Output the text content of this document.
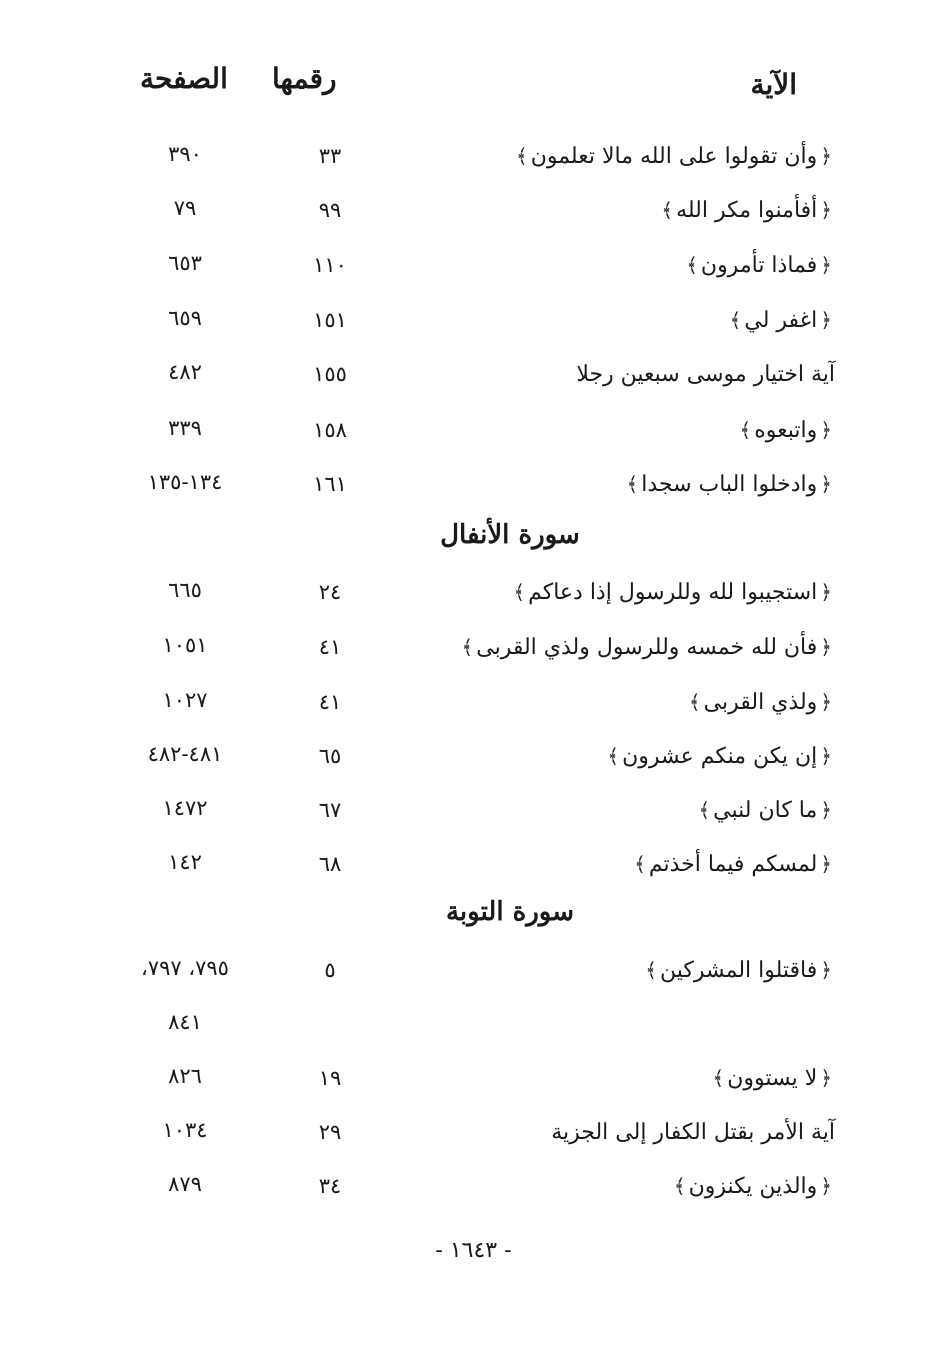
الآية
رقمها
الصفحة
﴿وأن تقولوا على الله مالا تعلمون﴾
٣٣
٣٩٠
﴿أفأمنوا مكر الله﴾
٩٩
٧٩
﴿فماذا تأمرون﴾
١١٠
٦٥٣
﴿اغفر لي﴾
١٥١
٦٥٩
آية اختيار موسى سبعين رجلا
١٥٥
٤٨٢
﴿واتبعوه﴾
١٥٨
٣٣٩
﴿وادخلوا الباب سجدا﴾
١٦١
١٣٤-١٣٥
سورة الأنفال
﴿استجيبوا لله وللرسول إذا دعاكم﴾
٢٤
٦٦٥
﴿فأن لله خمسه وللرسول ولذي القربى﴾
٤١
١٠٥١
﴿ولذي القربى﴾
٤١
١٠٢٧
﴿إن يكن منكم عشرون﴾
٦٥
٤٨١-٤٨٢
﴿ما كان لنبي﴾
٦٧
١٤٧٢
﴿لمسكم فيما أخذتم﴾
٦٨
١٤٢
سورة التوبة
﴿فاقتلوا المشركين﴾
٥
٧٩٥، ٧٩٧،
٨٤١
﴿لا يستوون﴾
١٩
٨٢٦
آية الأمر بقتل الكفار إلى الجزية
٢٩
١٠٣٤
﴿والذين يكنزون﴾
٣٤
٨٧٩
- ١٦٤٣ -
